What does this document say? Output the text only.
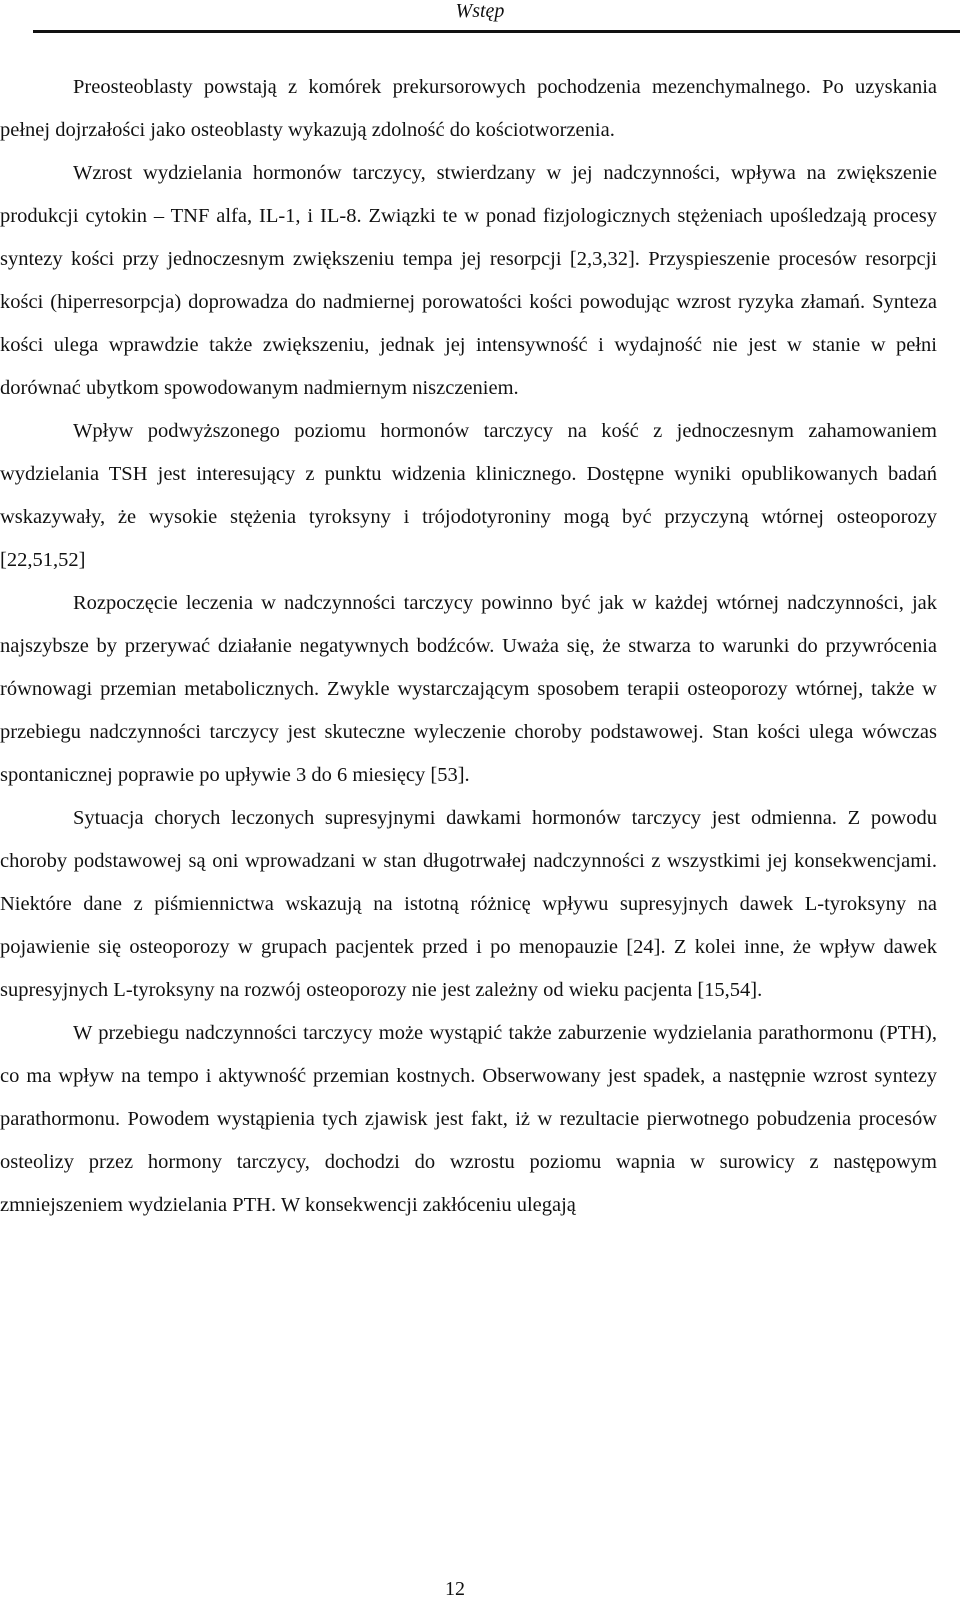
Wstęp

Preosteoblasty powstają z komórek prekursorowych pochodzenia mezenchymalnego. Po uzyskania pełnej dojrzałości jako osteoblasty wykazują zdolność do kościotworzenia.

Wzrost wydzielania hormonów tarczycy, stwierdzany w jej nadczynności, wpływa na zwiększenie produkcji cytokin – TNF alfa, IL-1, i IL-8. Związki te w ponad fizjologicznych stężeniach upośledzają procesy syntezy kości przy jednoczesnym zwiększeniu tempa jej resorpcji [2,3,32]. Przyspieszenie procesów resorpcji kości (hiperresorpcja) doprowadza do nadmiernej porowatości kości powodując wzrost ryzyka złamań. Synteza kości ulega wprawdzie także zwiększeniu, jednak jej intensywność i wydajność nie jest w stanie w pełni dorównać ubytkom spowodowanym nadmiernym niszczeniem.

Wpływ podwyższonego poziomu hormonów tarczycy na kość z jednoczesnym zahamowaniem wydzielania TSH jest interesujący z punktu widzenia klinicznego. Dostępne wyniki opublikowanych badań wskazywały, że wysokie stężenia tyroksyny i trójodotyroniny mogą być przyczyną wtórnej osteoporozy [22,51,52]

Rozpoczęcie leczenia w nadczynności tarczycy powinno być jak w każdej wtórnej nadczynności, jak najszybsze by przerywać działanie negatywnych bodźców. Uważa się, że stwarza to warunki do przywrócenia równowagi przemian metabolicznych. Zwykle wystarczającym sposobem terapii osteoporozy wtórnej, także w przebiegu nadczynności tarczycy jest skuteczne wyleczenie choroby podstawowej. Stan kości ulega wówczas spontanicznej poprawie po upływie 3 do 6 miesięcy [53].

Sytuacja chorych leczonych supresyjnymi dawkami hormonów tarczycy jest odmienna. Z powodu choroby podstawowej są oni wprowadzani w stan długotrwałej nadczynności z wszystkimi jej konsekwencjami. Niektóre dane z piśmiennictwa wskazują na istotną różnicę wpływu supresyjnych dawek L-tyroksyny na pojawienie się osteoporozy w grupach pacjentek przed i po menopauzie [24]. Z kolei inne, że wpływ dawek supresyjnych L-tyroksyny na rozwój osteoporozy nie jest zależny od wieku pacjenta [15,54].

W przebiegu nadczynności tarczycy może wystąpić także zaburzenie wydzielania parathormonu (PTH), co ma wpływ na tempo i aktywność przemian kostnych. Obserwowany jest spadek, a następnie wzrost syntezy parathormonu. Powodem wystąpienia tych zjawisk jest fakt, iż w rezultacie pierwotnego pobudzenia procesów osteolizy przez hormony tarczycy, dochodzi do wzrostu poziomu wapnia w surowicy z następowym zmniejszeniem wydzielania PTH. W konsekwencji zakłóceniu ulegają

12
